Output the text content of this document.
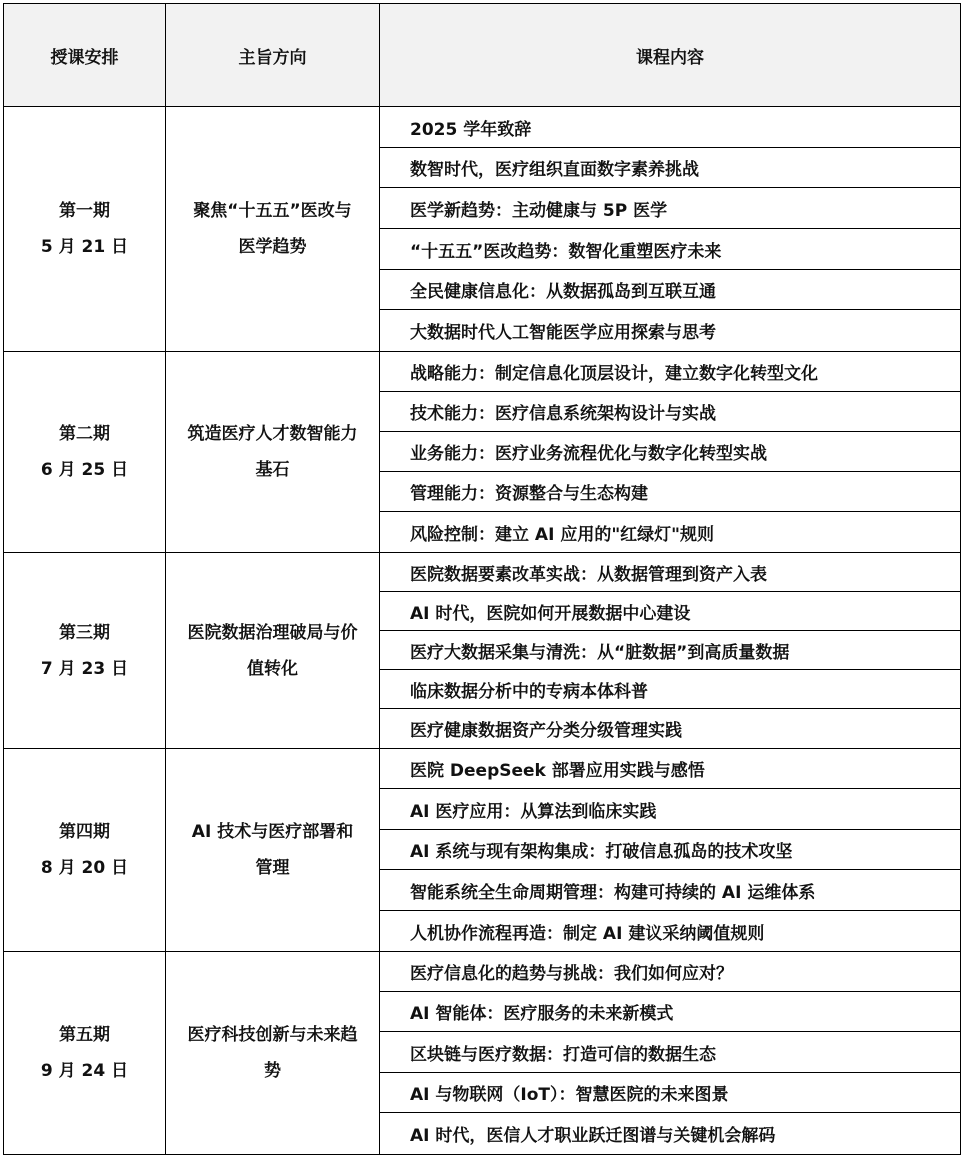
授课安排	主旨方向	课程内容
第一期
5 月 21 日
聚焦“十五五”医改与
医学趋势
2025 学年致辞
数智时代，医疗组织直面数字素养挑战
医学新趋势：主动健康与 5P 医学
“十五五”医改趋势：数智化重塑医疗未来
全民健康信息化：从数据孤岛到互联互通
大数据时代人工智能医学应用探索与思考
第二期
6 月 25 日
筑造医疗人才数智能力
基石
战略能力：制定信息化顶层设计，建立数字化转型文化
技术能力：医疗信息系统架构设计与实战
业务能力：医疗业务流程优化与数字化转型实战
管理能力：资源整合与生态构建
风险控制：建立 AI 应用的"红绿灯"规则
第三期
7 月 23 日
医院数据治理破局与价
值转化
医院数据要素改革实战：从数据管理到资产入表
AI 时代，医院如何开展数据中心建设
医疗大数据采集与清洗：从“脏数据”到高质量数据
临床数据分析中的专病本体科普
医疗健康数据资产分类分级管理实践
第四期
8 月 20 日
AI 技术与医疗部署和
管理
医院 DeepSeek 部署应用实践与感悟
AI 医疗应用：从算法到临床实践
AI 系统与现有架构集成：打破信息孤岛的技术攻坚
智能系统全生命周期管理：构建可持续的 AI 运维体系
人机协作流程再造：制定 AI 建议采纳阈值规则
第五期
9 月 24 日
医疗科技创新与未来趋
势
医疗信息化的趋势与挑战：我们如何应对？
AI 智能体：医疗服务的未来新模式
区块链与医疗数据：打造可信的数据生态
AI 与物联网（IoT）：智慧医院的未来图景
AI 时代，医信人才职业跃迁图谱与关键机会解码
